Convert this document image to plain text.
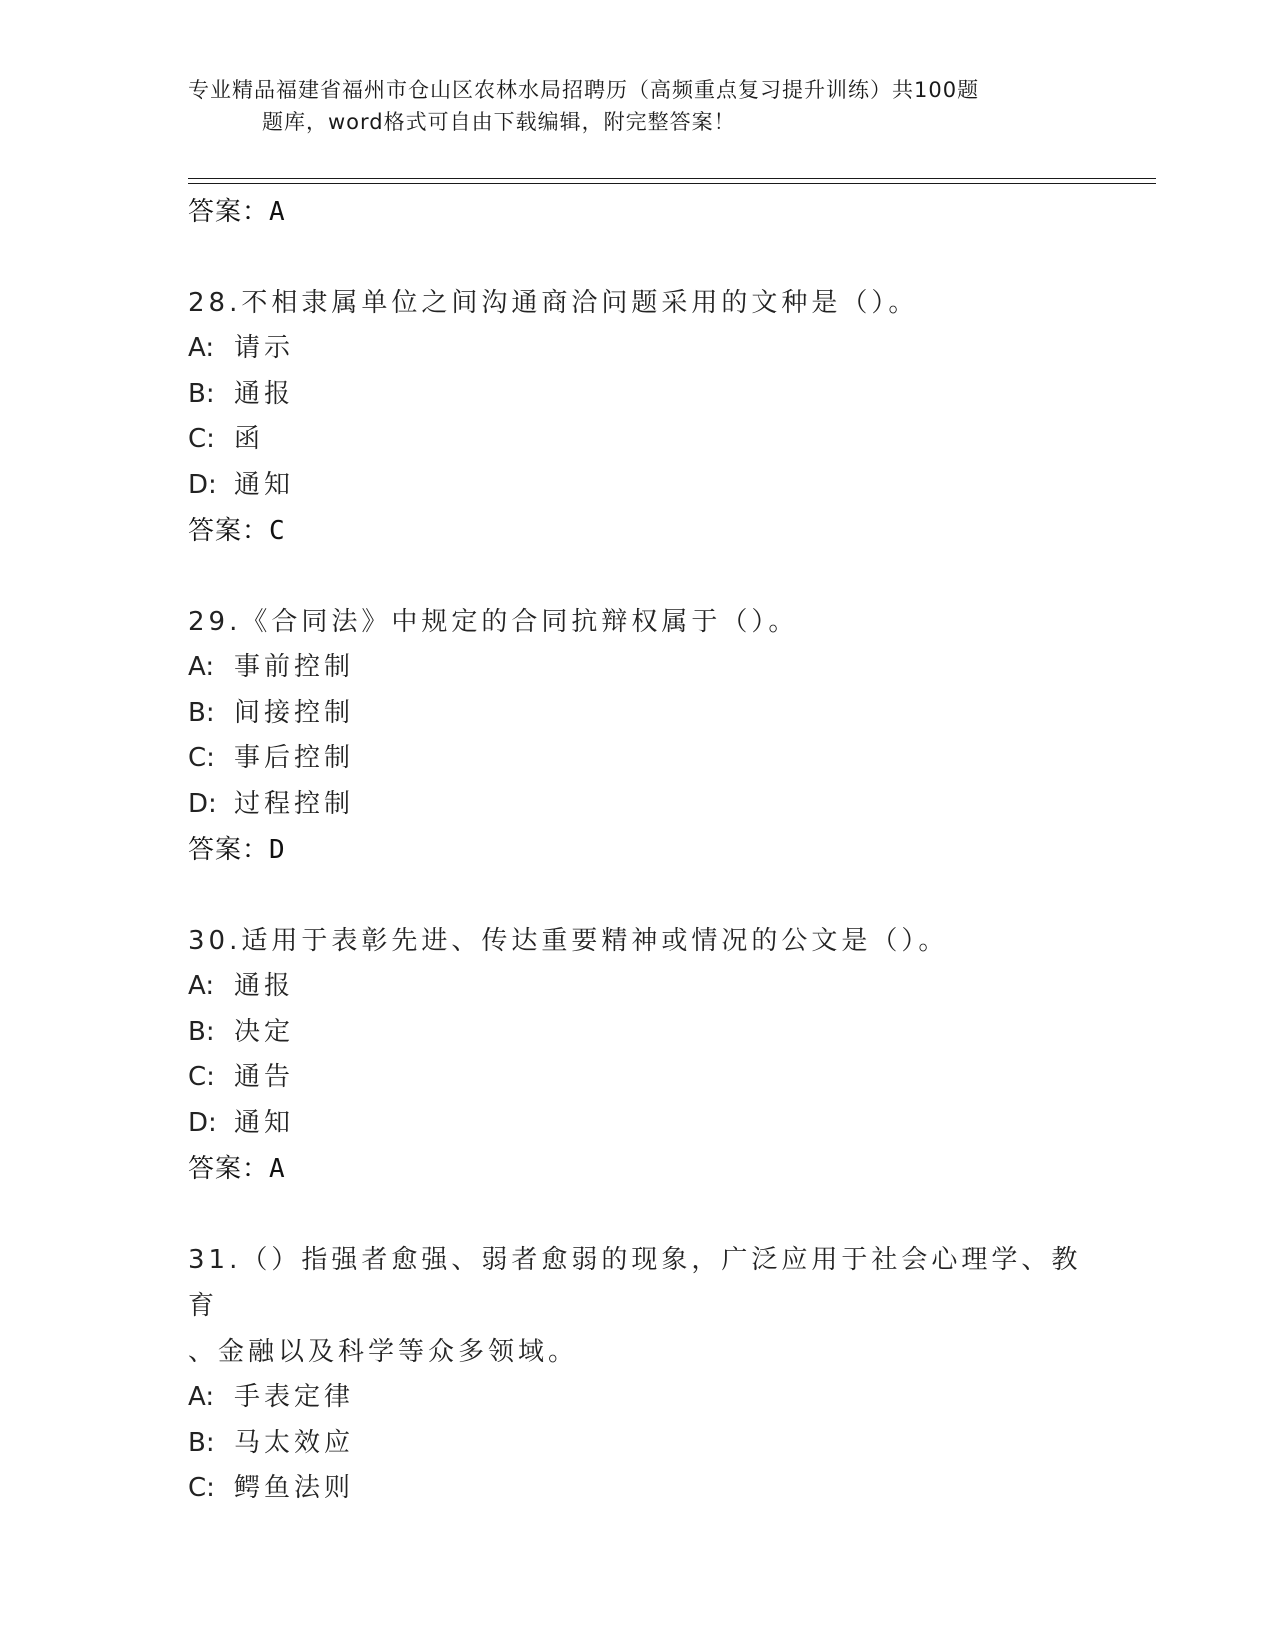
专业精品福建省福州市仓山区农林水局招聘历（高频重点复习提升训练）共100题
题库，word格式可自由下载编辑，附完整答案！
答案：A
28.不相隶属单位之间沟通商洽问题采用的文种是（）。
A: 请示
B: 通报
C: 函
D: 通知
答案：C
29.《合同法》中规定的合同抗辩权属于（）。
A: 事前控制
B: 间接控制
C: 事后控制
D: 过程控制
答案：D
30.适用于表彰先进、传达重要精神或情况的公文是（）。
A: 通报
B: 决定
C: 通告
D: 通知
答案：A
31.（）指强者愈强、弱者愈弱的现象，广泛应用于社会心理学、教育
、金融以及科学等众多领域。
A: 手表定律
B: 马太效应
C: 鳄鱼法则
